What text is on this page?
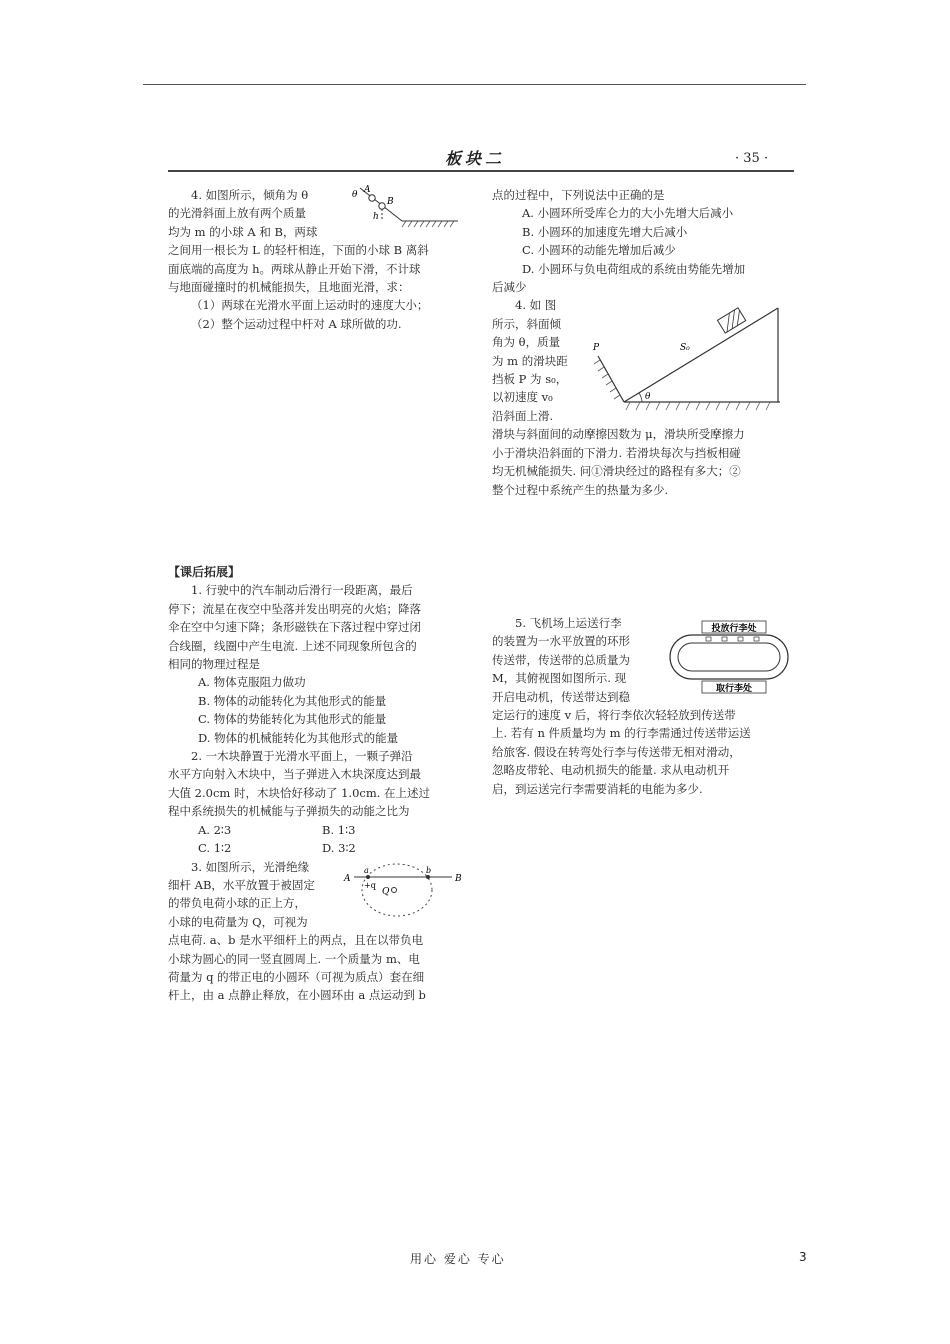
板块二	· 35 ·

4. 如图所示，倾角为 θ

的光滑斜面上放有两个质量

均为 m 的小球 A 和 B，两球

之间用一根长为 L 的轻杆相连，下面的小球 B 离斜

面底端的高度为 h。两球从静止开始下滑，不计球

与地面碰撞时的机械能损失，且地面光滑，求：

（1）两球在光滑水平面上运动时的速度大小；

（2）整个运动过程中杆对 A 球所做的功.

A
B
h
θ

【课后拓展】

1. 行驶中的汽车制动后滑行一段距离，最后

停下；流星在夜空中坠落并发出明亮的火焰；降落

伞在空中匀速下降；条形磁铁在下落过程中穿过闭

合线圈，线圈中产生电流. 上述不同现象所包含的

相同的物理过程是

A. 物体克服阻力做功

B. 物体的动能转化为其他形式的能量

C. 物体的势能转化为其他形式的能量

D. 物体的机械能转化为其他形式的能量

2. 一木块静置于光滑水平面上，一颗子弹沿

水平方向射入木块中，当子弹进入木块深度达到最

大值 2.0cm 时，木块恰好移动了 1.0cm. 在上述过

程中系统损失的机械能与子弹损失的动能之比为

A. 2∶3	B. 1∶3
C. 1∶2	D. 3∶2

3. 如图所示，光滑绝缘

细杆 AB，水平放置于被固定

的带负电荷小球的正上方，

小球的电荷量为 Q，可视为

点电荷. a、b 是水平细杆上的两点，且在以带负电

小球为圆心的同一竖直圆周上. 一个质量为 m、电

荷量为 q 的带正电的小圆环（可视为质点）套在细

杆上，由 a 点静止释放，在小圆环由 a 点运动到 b

A	B
a	b
+q
Q

点的过程中，下列说法中正确的是

A. 小圆环所受库仑力的大小先增大后减小

B. 小圆环的加速度先增大后减小

C. 小圆环的动能先增加后减少

D. 小圆环与负电荷组成的系统由势能先增加

后减少

4. 如 图

所示，斜面倾

角为 θ，质量

为 m 的滑块距

挡板 P 为 s₀，

以初速度 v₀

沿斜面上滑.

滑块与斜面间的动摩擦因数为 μ，滑块所受摩擦力

小于滑块沿斜面的下滑力. 若滑块每次与挡板相碰

均无机械能损失. 问①滑块经过的路程有多大；②

整个过程中系统产生的热量为多少.

P	S₀
θ

5. 飞机场上运送行李

的装置为一水平放置的环形

传送带，传送带的总质量为

M，其俯视图如图所示. 现

开启电动机，传送带达到稳

定运行的速度 v 后，将行李依次轻轻放到传送带

上. 若有 n 件质量均为 m 的行李需通过传送带运送

给旅客. 假设在转弯处行李与传送带无相对滑动，

忽略皮带轮、电动机损失的能量. 求从电动机开

启，到运送完行李需要消耗的电能为多少.

投放行李处
取行李处
用心 爱心 专心	3
